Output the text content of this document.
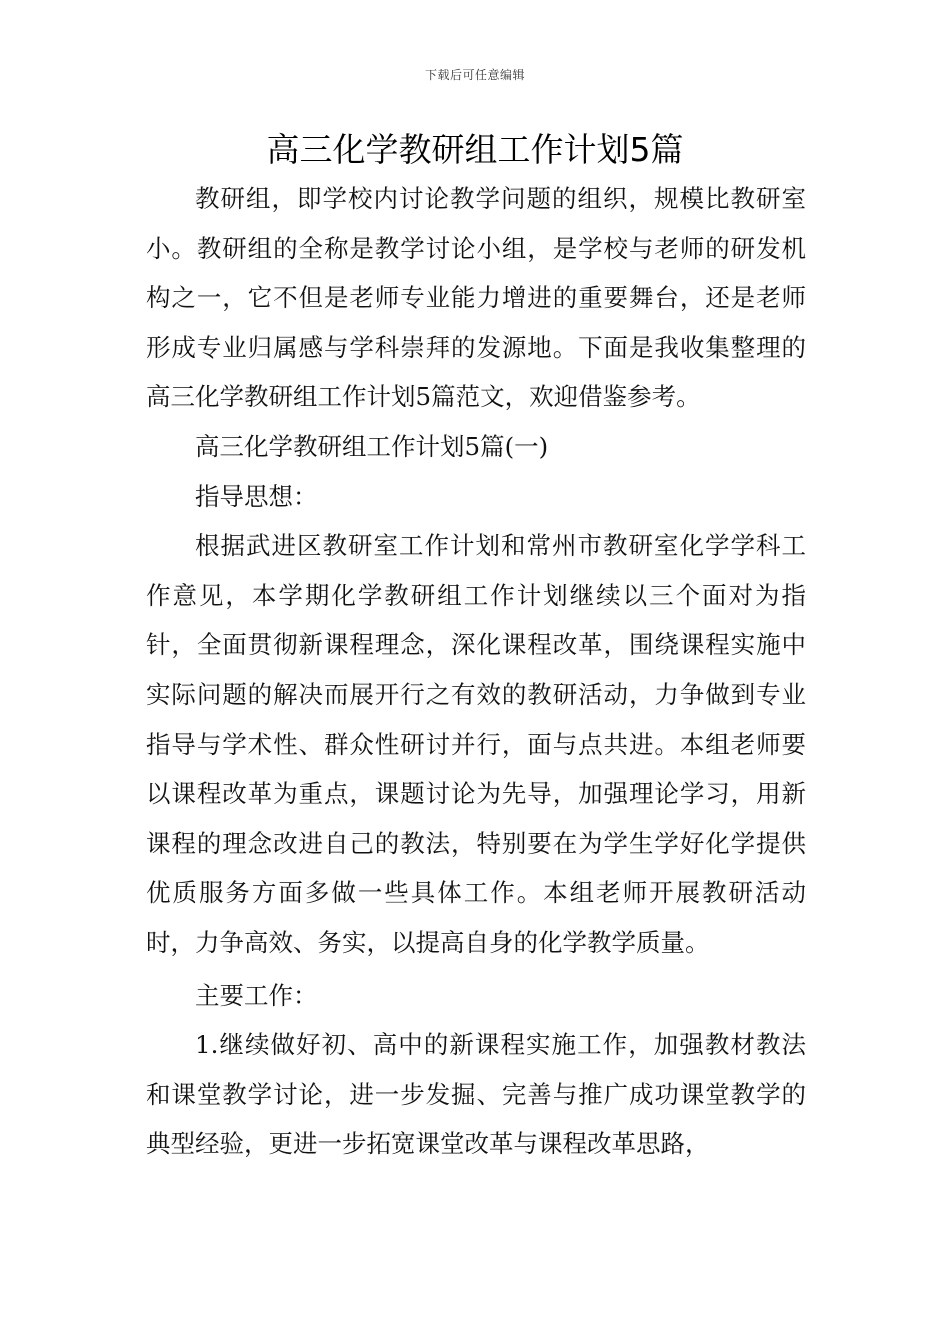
下载后可任意编辑
高三化学教研组工作计划5篇

教研组，即学校内讨论教学问题的组织，规模比教研室小。教研组的全称是教学讨论小组，是学校与老师的研发机构之一，它不但是老师专业能力增进的重要舞台，还是老师形成专业归属感与学科崇拜的发源地。下面是我收集整理的高三化学教研组工作计划5篇范文，欢迎借鉴参考。

高三化学教研组工作计划5篇(一)

指导思想：

根据武进区教研室工作计划和常州市教研室化学学科工作意见，本学期化学教研组工作计划继续以三个面对为指针，全面贯彻新课程理念，深化课程改革，围绕课程实施中实际问题的解决而展开行之有效的教研活动，力争做到专业指导与学术性、群众性研讨并行，面与点共进。本组老师要以课程改革为重点，课题讨论为先导，加强理论学习，用新课程的理念改进自己的教法，特别要在为学生学好化学提供优质服务方面多做一些具体工作。本组老师开展教研活动时，力争高效、务实，以提高自身的化学教学质量。

主要工作：

1.继续做好初、高中的新课程实施工作，加强教材教法和课堂教学讨论，进一步发掘、完善与推广成功课堂教学的典型经验，更进一步拓宽课堂改革与课程改革思路，
